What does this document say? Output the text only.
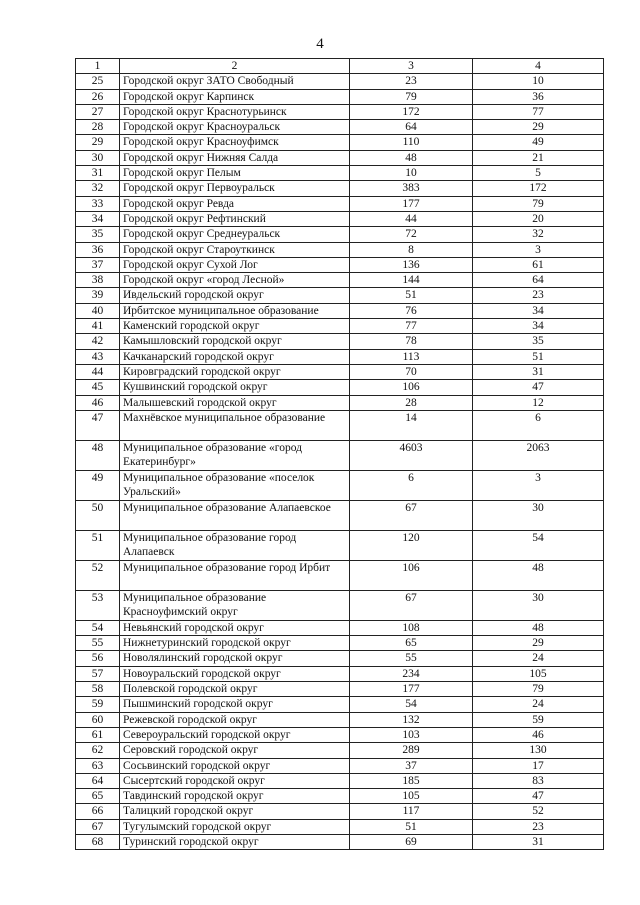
4
1	2	3	4
25	Городской округ ЗАТО Свободный	23	10
26	Городской округ Карпинск	79	36
27	Городской округ Краснотурьинск	172	77
28	Городской округ Красноуральск	64	29
29	Городской округ Красноуфимск	110	49
30	Городской округ Нижняя Салда	48	21
31	Городской округ Пелым	10	5
32	Городской округ Первоуральск	383	172
33	Городской округ Ревда	177	79
34	Городской округ Рефтинский	44	20
35	Городской округ Среднеуральск	72	32
36	Городской округ Староуткинск	8	3
37	Городской округ Сухой Лог	136	61
38	Городской округ «город Лесной»	144	64
39	Ивдельский городской округ	51	23
40	Ирбитское муниципальное образование	76	34
41	Каменский городской округ	77	34
42	Камышловский городской округ	78	35
43	Качканарский городской округ	113	51
44	Кировградский городской округ	70	31
45	Кушвинский городской округ	106	47
46	Малышевский городской округ	28	12
47	Махнёвское муниципальное образование	14	6
48	Муниципальное образование «город Екатеринбург»	4603	2063
49	Муниципальное образование «поселок Уральский»	6	3
50	Муниципальное образование Алапаевское	67	30
51	Муниципальное образование город Алапаевск	120	54
52	Муниципальное образование город Ирбит	106	48
53	Муниципальное образование Красноуфимский округ	67	30
54	Невьянский городской округ	108	48
55	Нижнетуринский городской округ	65	29
56	Новолялинский городской округ	55	24
57	Новоуральский городской округ	234	105
58	Полевской городской округ	177	79
59	Пышминский городской округ	54	24
60	Режевской городской округ	132	59
61	Североуральский городской округ	103	46
62	Серовский городской округ	289	130
63	Сосьвинский городской округ	37	17
64	Сысертский городской округ	185	83
65	Тавдинский городской округ	105	47
66	Талицкий городской округ	117	52
67	Тугулымский городской округ	51	23
68	Туринский городской округ	69	31
